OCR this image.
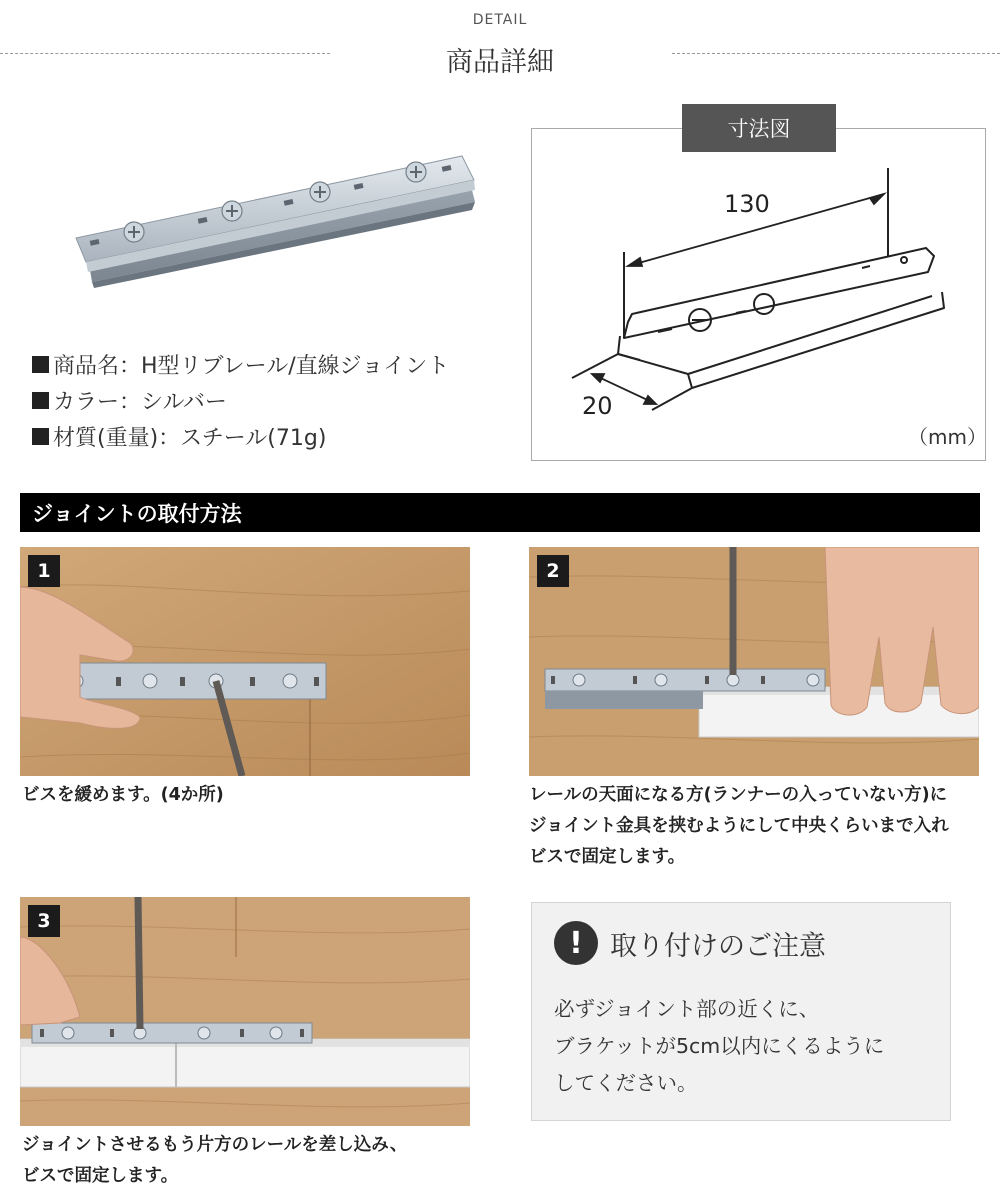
DETAIL
商品詳細
商品名：H型リブレール/直線ジョイント
カラー：シルバー
材質(重量)：スチール(71g)
寸法図
130
20
（mm）
ジョイントの取付方法
1
ビスを緩めます。(4か所)
2
レールの天面になる方(ランナーの入っていない方)に
ジョイント金具を挟むようにして中央くらいまで入れ
ビスで固定します。
3
ジョイントさせるもう片方のレールを差し込み、
ビスで固定します。
!	取り付けのご注意
必ずジョイント部の近くに、
ブラケットが5cm以内にくるように
してください。
